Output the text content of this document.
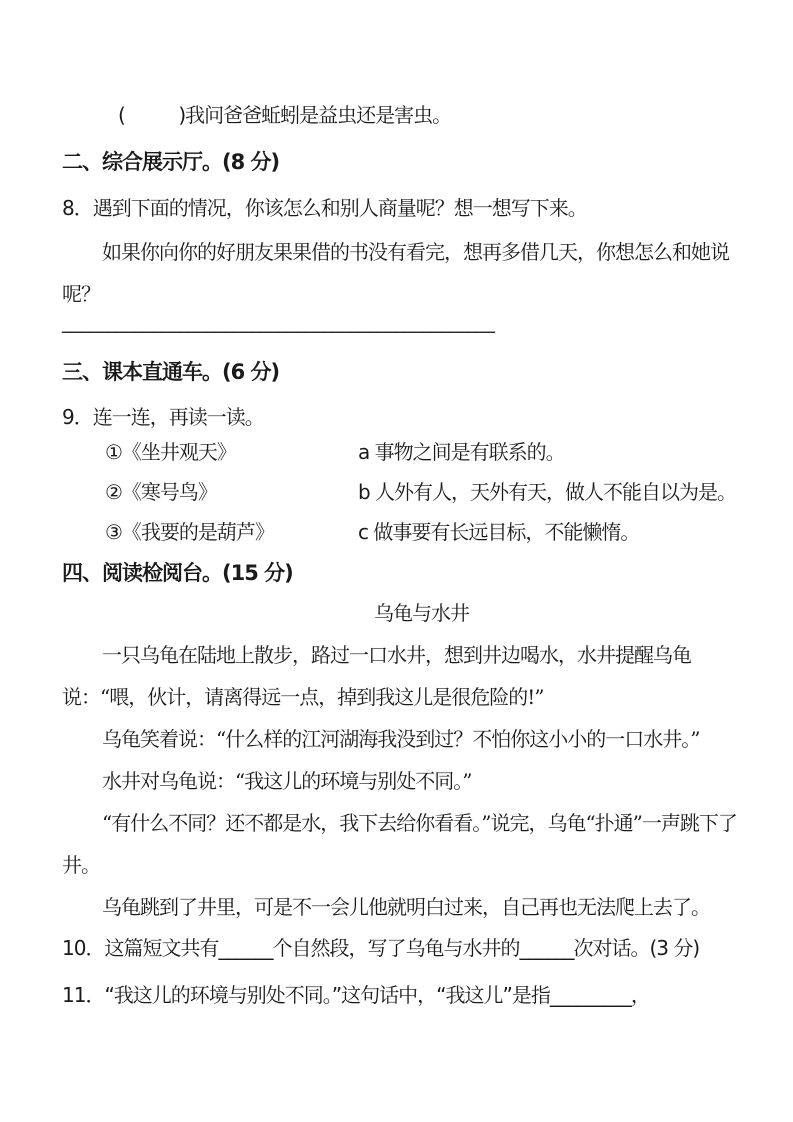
(          )我问爸爸蚯蚓是益虫还是害虫。
二、综合展示厅。(8 分)
8．遇到下面的情况，你该怎么和别人商量呢？想一想写下来。
如果你向你的好朋友果果借的书没有看完，想再多借几天，你想怎么和她说呢？
________________________________________________
三、课本直通车。(6 分)
9．连一连，再读一读。
①《坐井观天》	a 事物之间是有联系的。
②《寒号鸟》	b 人外有人，天外有天，做人不能自以为是。
③《我要的是葫芦》	c 做事要有长远目标，不能懒惰。
四、阅读检阅台。(15 分)
乌龟与水井

一只乌龟在陆地上散步，路过一口水井，想到井边喝水，水井提醒乌龟说：“喂，伙计，请离得远一点，掉到我这儿是很危险的!”

乌龟笑着说：“什么样的江河湖海我没到过？不怕你这小小的一口水井。”

水井对乌龟说：“我这儿的环境与别处不同。”

“有什么不同？还不都是水，我下去给你看看。”说完，乌龟“扑通”一声跳下了井。

乌龟跳到了井里，可是不一会儿他就明白过来，自己再也无法爬上去了。

10．这篇短文共有______个自然段，写了乌龟与水井的______次对话。(3 分)
11．“我这儿的环境与别处不同。”这句话中，“我这儿”是指_________，
